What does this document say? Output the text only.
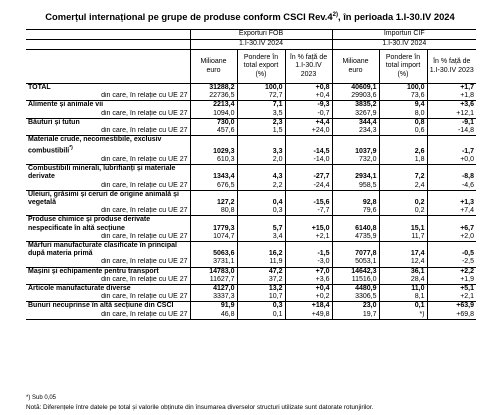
Comerțul internațional pe grupe de produse conform CSCI Rev.4$^{2)}$, în perioada 1.I-30.IV 2024
	Exporturi FOB			Importuri CIF		
	1.I-30.IV 2024			1.I-30.IV 2024		
	Milioane euro	Pondere în total export (%)	în % față de 1.I-30.IV 2023	Milioane euro	Pondere în total import (%)	în % față de 1.I-30.IV 2023
TOTAL	31288,2	100,0	+0,8	40609,1	100,0	+1,7
din care, în relație cu UE 27	22736,5	72,7	+0,4	29903,6	73,6	+1,8
Alimente și animale vii	2213,4	7,1	-9,3	3835,2	9,4	+3,6
din care, în relație cu UE 27	1094,0	3,5	-0,7	3267,9	8,0	+12,1
Băuturi și tutun	730,0	2,3	+4,4	344,4	0,8	-9,1
din care, în relație cu UE 27	457,6	1,5	+24,0	234,3	0,6	-14,8
Materiale crude, necomestibile, exclusiv combustibili*)	1029,3	3,3	-14,5	1037,9	2,6	-1,7
din care, în relație cu UE 27	610,3	2,0	-14,0	732,0	1,8	+0,0
Combustibili minerali, lubrifianți și materiale derivate	1343,4	4,3	-27,7	2934,1	7,2	-8,8
din care, în relație cu UE 27	676,5	2,2	-24,4	958,5	2,4	-4,6
Uleiuri, grăsimi și ceruri de origine animală și vegetală	127,2	0,4	-15,6	92,8	0,2	+1,3
din care, în relație cu UE 27	80,8	0,3	-7,7	79,6	0,2	+7,4
Produse chimice și produse derivate nespecificate în altă secțiune	1779,3	5,7	+15,0	6140,8	15,1	+6,7
din care, în relație cu UE 27	1074,7	3,4	+2,1	4735,9	11,7	+2,0
Mărfuri manufacturate clasificate în principal după materia primă	5063,6	16,2	-1,5	7077,8	17,4	-0,5
din care, în relație cu UE 27	3731,1	11,9	-3,0	5053,1	12,4	-2,5
Mașini și echipamente pentru transport	14783,0	47,2	+7,0	14642,3	36,1	+2,2
din care, în relație cu UE 27	11627,7	37,2	+3,6	11516,0	28,4	+1,9
Articole manufacturate diverse	4127,0	13,2	+0,4	4480,9	11,0	+5,1
din care, în relație cu UE 27	3337,3	10,7	+0,2	3306,5	8,1	+2,1
Bunuri necuprinse în altă secțiune din CSCI	91,9	0,3	+18,4	23,0	0,1	+63,9
din care, în relație cu UE 27	46,8	0,1	+49,8	19,7	*)	+69,8
*) Sub 0,05
Notă: Diferențele între datele pe total și valorile obținute din însumarea diverselor structuri utilizate sunt datorate rotunjirilor.
